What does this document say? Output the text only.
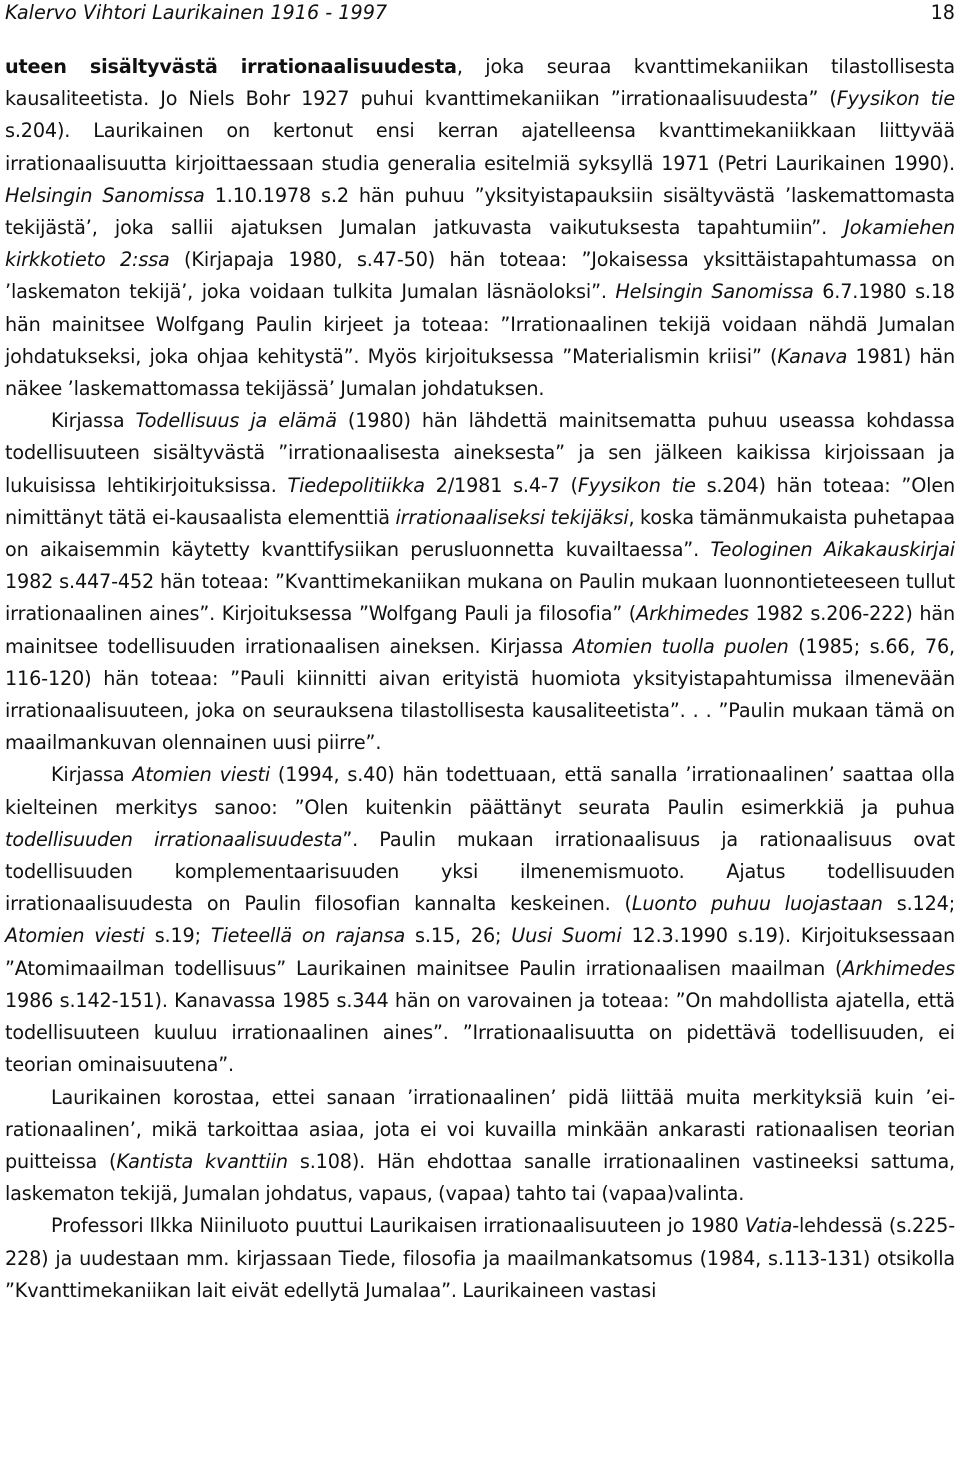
Kalervo Vihtori Laurikainen 1916 - 1997	18

uteen sisältyvästä irrationaalisuudesta, joka seuraa kvanttimekaniikan tilastollisesta kausaliteetista. Jo Niels Bohr 1927 puhui kvanttimekaniikan ”irrationaalisuudesta” (Fyysikon tie s.204). Laurikainen on kertonut ensi kerran ajatelleensa kvanttimekaniikkaan liittyvää irrationaalisuutta kirjoittaessaan studia generalia esitelmiä syksyllä 1971 (Petri Laurikainen 1990). Helsingin Sanomissa 1.10.1978 s.2 hän puhuu ”yksityistapauksiin sisältyvästä ’laskemattomasta tekijästä’, joka sallii ajatuksen Jumalan jatkuvasta vaikutuksesta tapahtumiin”. Jokamiehen kirkkotieto 2:ssa (Kirjapaja 1980, s.47-50) hän toteaa: ”Jokaisessa yksittäistapahtumassa on ’laskematon tekijä’, joka voidaan tulkita Jumalan läsnäoloksi”. Helsingin Sanomissa 6.7.1980 s.18 hän mainitsee Wolfgang Paulin kirjeet ja toteaa: ”Irrationaalinen tekijä voidaan nähdä Jumalan johdatukseksi, joka ohjaa kehitystä”. Myös kirjoituksessa ”Materialismin kriisi” (Kanava 1981) hän näkee ’laskemattomassa tekijässä’ Jumalan johdatuksen.

Kirjassa Todellisuus ja elämä (1980) hän lähdettä mainitsematta puhuu useassa kohdassa todellisuuteen sisältyvästä ”irrationaalisesta aineksesta” ja sen jälkeen kaikissa kirjoissaan ja lukuisissa lehtikirjoituksissa. Tiedepolitiikka 2/1981 s.4-7 (Fyysikon tie s.204) hän toteaa: ”Olen nimittänyt tätä ei-kausaalista elementtiä irrationaaliseksi tekijäksi, koska tämänmukaista puhetapaa on aikaisemmin käytetty kvanttifysiikan perusluonnetta kuvailtaessa”. Teologinen Aikakauskirjai 1982 s.447-452 hän toteaa: ”Kvanttimekaniikan mukana on Paulin mukaan luonnontieteeseen tullut irrationaalinen aines”. Kirjoituksessa ”Wolfgang Pauli ja filosofia” (Arkhimedes 1982 s.206-222) hän mainitsee todellisuuden irrationaalisen aineksen. Kirjassa Atomien tuolla puolen (1985; s.66, 76, 116-120) hän toteaa: ”Pauli kiinnitti aivan erityistä huomiota yksityistapahtumissa ilmenevään irrationaalisuuteen, joka on seurauksena tilastollisesta kausaliteetista”. . . ”Paulin mukaan tämä on maailmankuvan olennainen uusi piirre”.

Kirjassa Atomien viesti (1994, s.40) hän todettuaan, että sanalla ’irrationaalinen’ saattaa olla kielteinen merkitys sanoo: ”Olen kuitenkin päättänyt seurata Paulin esimerkkiä ja puhua todellisuuden irrationaalisuudesta”. Paulin mukaan irrationaalisuus ja rationaalisuus ovat todellisuuden komplementaarisuuden yksi ilmenemismuoto. Ajatus todellisuuden irrationaalisuudesta on Paulin filosofian kannalta keskeinen. (Luonto puhuu luojastaan s.124; Atomien viesti s.19; Tieteellä on rajansa s.15, 26; Uusi Suomi 12.3.1990 s.19). Kirjoituksessaan ”Atomimaailman todellisuus” Laurikainen mainitsee Paulin irrationaalisen maailman (Arkhimedes 1986 s.142-151). Kanavassa 1985 s.344 hän on varovainen ja toteaa: ”On mahdollista ajatella, että todellisuuteen kuuluu irrationaalinen aines”. ”Irrationaalisuutta on pidettävä todellisuuden, ei teorian ominaisuutena”.

Laurikainen korostaa, ettei sanaan ’irrationaalinen’ pidä liittää muita merkityksiä kuin ’ei-rationaalinen’, mikä tarkoittaa asiaa, jota ei voi kuvailla minkään ankarasti rationaalisen teorian puitteissa (Kantista kvanttiin s.108). Hän ehdottaa sanalle irrationaalinen vastineeksi sattuma, laskematon tekijä, Jumalan johdatus, vapaus, (vapaa) tahto tai (vapaa)valinta.

Professori Ilkka Niiniluoto puuttui Laurikaisen irrationaalisuuteen jo 1980 Vatia-lehdessä (s.225-228) ja uudestaan mm. kirjassaan Tiede, filosofia ja maailmankatsomus (1984, s.113-131) otsikolla ”Kvanttimekaniikan lait eivät edellytä Jumalaa”. Laurikaineen vastasi
